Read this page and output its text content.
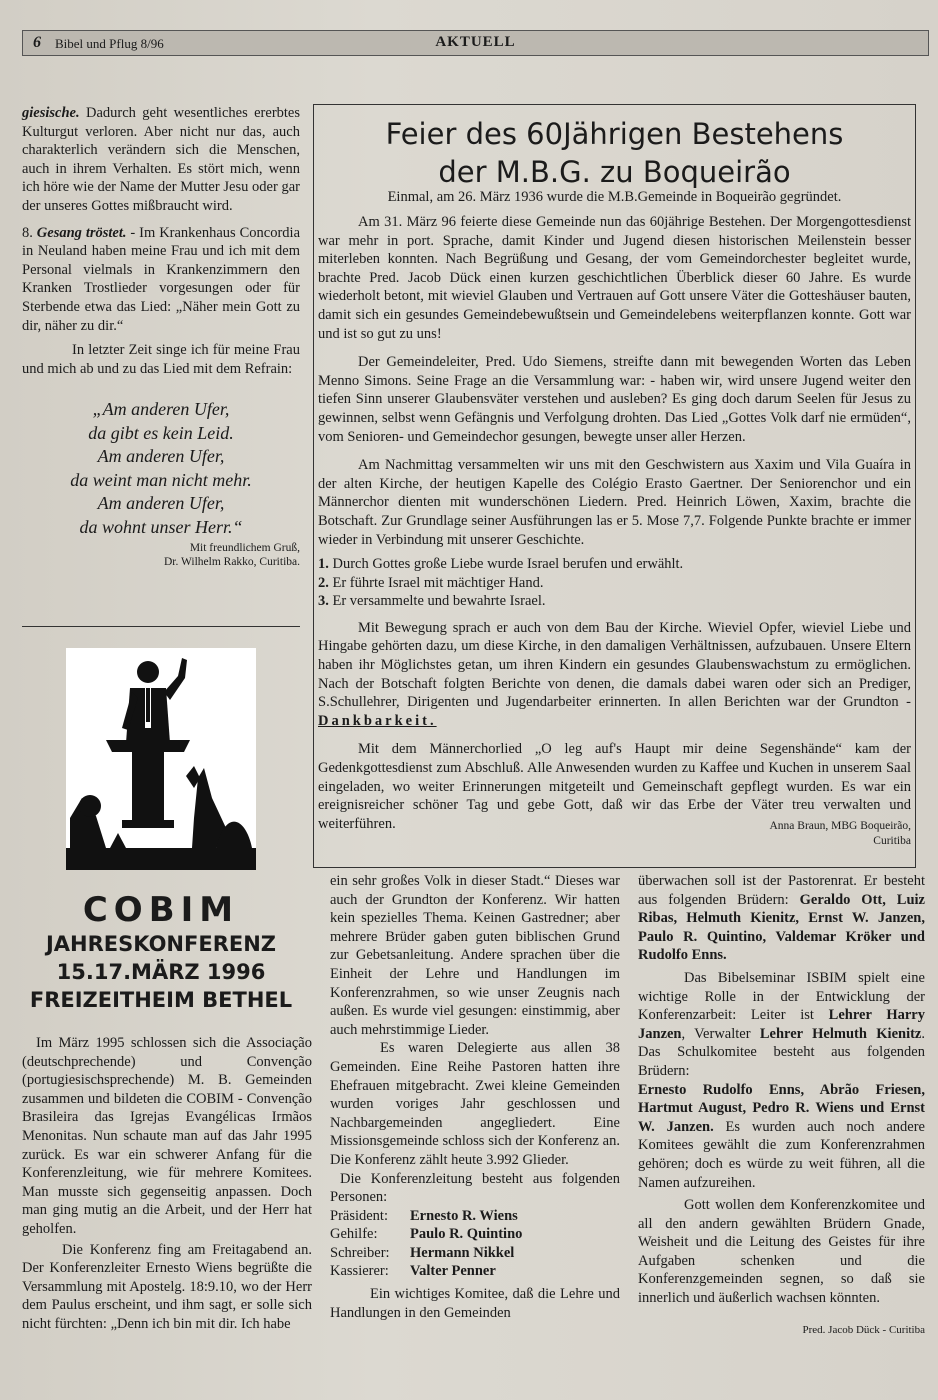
6 Bibel und Pflug 8/96	AKTUELL

giesische. Dadurch geht wesentliches ererbtes Kulturgut verloren. Aber nicht nur das, auch charakterlich verändern sich die Menschen, auch in ihrem Verhalten. Es stört mich, wenn ich höre wie der Name der Mutter Jesu oder gar der unseres Gottes mißbraucht wird.

8. Gesang tröstet. - Im Krankenhaus Concordia in Neuland haben meine Frau und ich mit dem Personal vielmals in Krankenzimmern den Kranken Trostlieder vorgesungen oder für Sterbende etwa das Lied: „Näher mein Gott zu dir, näher zu dir.“

In letzter Zeit singe ich für meine Frau und mich ab und zu das Lied mit dem Refrain:

„Am anderen Ufer,
da gibt es kein Leid.
Am anderen Ufer,
da weint man nicht mehr.
Am anderen Ufer,
da wohnt unser Herr.“
Mit freundlichem Gruß,
Dr. Wilhelm Rakko, Curitiba.
COBIM
JAHRESKONFERENZ
15.17.MÄRZ 1996
FREIZEITHEIM BETHEL

Im März 1995 schlossen sich die Associação (deutschprechende) und Convenção (portugiesischsprechende) M. B. Gemeinden zusammen und bildeten die COBIM - Convenção Brasileira das Igrejas Evangélicas Irmãos Menonitas. Nun schaute man auf das Jahr 1995 zurück. Es war ein schwerer Anfang für die Konferenzleitung, wie für mehrere Komitees. Man musste sich gegenseitig anpassen. Doch man ging mutig an die Arbeit, und der Herr hat geholfen.

Die Konferenz fing am Freitagabend an. Der Konferenzleiter Ernesto Wiens begrüßte die Versammlung mit Apostelg. 18:9.10, wo der Herr dem Paulus erscheint, und ihm sagt, er solle sich nicht fürchten: „Denn ich bin mit dir. Ich habe

Feier des 60Jährigen Bestehens
der M.B.G. zu Boqueirão
Einmal, am 26. März 1936 wurde die M.B.Gemeinde in Boqueirão gegründet.

Am 31. März 96 feierte diese Gemeinde nun das 60jährige Bestehen. Der Morgengottesdienst war mehr in port. Sprache, damit Kinder und Jugend diesen historischen Meilenstein besser miterleben konnten. Nach Begrüßung und Gesang, der vom Gemeindorchester begleitet wurde, brachte Pred. Jacob Dück einen kurzen geschichtlichen Überblick dieser 60 Jahre. Es wurde wiederholt betont, mit wieviel Glauben und Vertrauen auf Gott unsere Väter die Gotteshäuser bauten, damit sich ein gesundes Gemeindebewußtsein und Gemeindelebens weiterpflanzen konnte. Gott war und ist so gut zu uns!

Der Gemeindeleiter, Pred. Udo Siemens, streifte dann mit bewegenden Worten das Leben Menno Simons. Seine Frage an die Versammlung war: - haben wir, wird unsere Jugend weiter den tiefen Sinn unserer Glaubensväter verstehen und ausleben? Es ging doch darum Seelen für Jesus zu gewinnen, selbst wenn Gefängnis und Verfolgung drohten. Das Lied „Gottes Volk darf nie ermüden“, vom Senioren- und Gemeindechor gesungen, bewegte unser aller Herzen.

Am Nachmittag versammelten wir uns mit den Geschwistern aus Xaxim und Vila Guaíra in der alten Kirche, der heutigen Kapelle des Colégio Erasto Gaertner. Der Seniorenchor und ein Männerchor dienten mit wunderschönen Liedern. Pred. Heinrich Löwen, Xaxim, brachte die Botschaft. Zur Grundlage seiner Ausführungen las er 5. Mose 7,7. Folgende Punkte brachte er immer wieder in Verbindung mit unserer Geschichte.

1. Durch Gottes große Liebe wurde Israel berufen und erwählt.

2. Er führte Israel mit mächtiger Hand.

3. Er versammelte und bewahrte Israel.

Mit Bewegung sprach er auch von dem Bau der Kirche. Wieviel Opfer, wieviel Liebe und Hingabe gehörten dazu, um diese Kirche, in den damaligen Verhältnissen, aufzubauen. Unsere Eltern haben ihr Möglichstes getan, um ihren Kindern ein gesundes Glaubenswachstum zu ermöglichen. Nach der Botschaft folgten Berichte von denen, die damals dabei waren oder sich an Prediger, S.Schullehrer, Dirigenten und Jugendarbeiter erinnerten. In allen Berichten war der Grundton - Dankbarkeit.

Mit dem Männerchorlied „O leg auf's Haupt mir deine Segenshände“ kam der Gedenkgottesdienst zum Abschluß. Alle Anwesenden wurden zu Kaffee und Kuchen in unserem Saal eingeladen, wo weiter Erinnerungen mitgeteilt und Gemeinschaft gepflegt wurden. Es war ein ereignisreicher schöner Tag und gebe Gott, daß wir das Erbe der Väter treu verwalten und weiterführen.	Anna Braun, MBG Boqueirão,
Curitiba

ein sehr großes Volk in dieser Stadt.“ Dieses war auch der Grundton der Konferenz. Wir hatten kein spezielles Thema. Keinen Gastredner; aber mehrere Brüder gaben guten biblischen Grund zur Gebetsanleitung. Andere sprachen über die Einheit der Lehre und Handlungen im Konferenzrahmen, so wie unser Zeugnis nach außen. Es wurde viel gesungen: einstimmig, aber auch mehrstimmige Lieder.

Es waren Delegierte aus allen 38 Gemeinden. Eine Reihe Pastoren hatten ihre Ehefrauen mitgebracht. Zwei kleine Gemeinden wurden voriges Jahr geschlossen und Nachbargemeinden angegliedert. Eine Missionsgemeinde schloss sich der Konferenz an. Die Konferenz zählt heute 3.992 Glieder.

Die Konferenzleitung besteht aus folgenden Personen:

Präsident:	Ernesto R. Wiens
Gehilfe:	Paulo R. Quintino
Schreiber:	Hermann Nikkel
Kassierer:	Valter Penner

Ein wichtiges Komitee, daß die Lehre und Handlungen in den Gemeinden

überwachen soll ist der Pastorenrat. Er besteht aus folgenden Brüdern: Geraldo Ott, Luiz Ribas, Helmuth Kienitz, Ernst W. Janzen, Paulo R. Quintino, Valdemar Kröker und Rudolfo Enns.

Das Bibelseminar ISBIM spielt eine wichtige Rolle in der Entwicklung der Konferenzarbeit: Leiter ist Lehrer Harry Janzen, Verwalter Lehrer Helmuth Kienitz. Das Schulkomitee besteht aus folgenden Brüdern:
Ernesto Rudolfo Enns, Abrão Friesen, Hartmut August, Pedro R. Wiens und Ernst W. Janzen. Es wurden auch noch andere Komitees gewählt die zum Konferenzrahmen gehören; doch es würde zu weit führen, all die Namen aufzureihen.

Gott wollen dem Konferenzkomitee und all den andern gewählten Brüdern Gnade, Weisheit und die Leitung des Geistes für ihre Aufgaben schenken und die Konferenzgemeinden segnen, so daß sie innerlich und äußerlich wachsen könnten.

Pred. Jacob Dück - Curitiba
